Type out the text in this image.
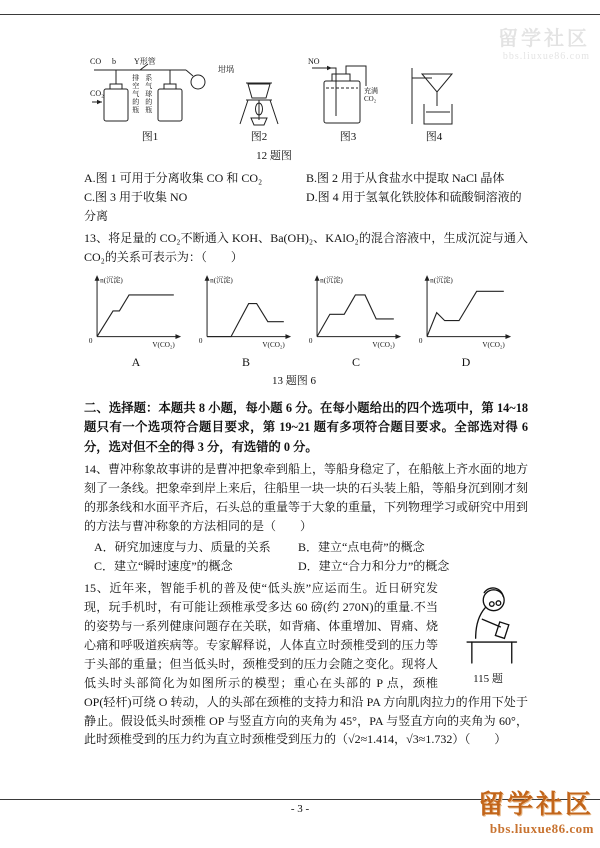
留学社区
bbs.liuxue86.com
CO b Y形管
排空气的瓶 系气球的瓶
CO₂
图1
坩埚
图2
NO
充满CO₂
图3	图4
12 题图
A.图 1 可用于分离收集 CO 和 CO₂	B.图 2 用于从食盐水中提取 NaCl 晶体
C.图 3 用于收集 NO	D.图 4 用于氢氧化铁胶体和硫酸铜溶液的分离

13、将足量的 CO₂不断通入 KOH、Ba(OH)₂、KAlO₂的混合溶液中，生成沉淀与通入 CO₂的关系可表示为：（　　）

n(沉淀)
V(CO₂)
0
A
n(沉淀)
V(CO₂)
0
B
n(沉淀)
V(CO₂)
0
C
n(沉淀)
V(CO₂)
0
D
13 题图 6

二、选择题：本题共 8 小题，每小题 6 分。在每小题给出的四个选项中，第 14~18 题只有一个选项符合题目要求，第 19~21 题有多项符合题目要求。全部选对得 6 分，选对但不全的得 3 分，有选错的 0 分。

14、曹冲称象故事讲的是曹冲把象牵到船上，等船身稳定了，在船舷上齐水面的地方刻了一条线。把象牵到岸上来后，往船里一块一块的石头装上船，等船身沉到刚才刻的那条线和水面平齐后，石头总的重量等于大象的重量，下列物理学习或研究中用到的方法与曹冲称象的方法相同的是（　　）

A．研究加速度与力、质量的关系 B．建立“点电荷”的概念
C．建立“瞬时速度”的概念	D．建立“合力和分力”的概念
115 题

15、近年来，智能手机的普及使“低头族”应运而生。近日研究发现，玩手机时，有可能让颈椎承受多达 60 磅(约 270N)的重量.不当的姿势与一系列健康问题存在关联，如背痛、体重增加、胃痛、烧心痛和呼吸道疾病等。专家解释说，人体直立时颈椎受到的压力等于头部的重量；但当低头时，颈椎受到的压力会随之变化。现将人低头时头部简化为如图所示的模型；重心在头部的 P 点，颈椎 OP(轻杆)可绕 O 转动，人的头部在颈椎的支持力和沿 PA 方向肌肉拉力的作用下处于静止。假设低头时颈椎 OP 与竖直方向的夹角为 45°，PA 与竖直方向的夹角为 60°，此时颈椎受到的压力约为直立时颈椎受到压力的（√2≈1.414，√3≈1.732）（　　）

- 3 -	留学社区
bbs.liuxue86.com
